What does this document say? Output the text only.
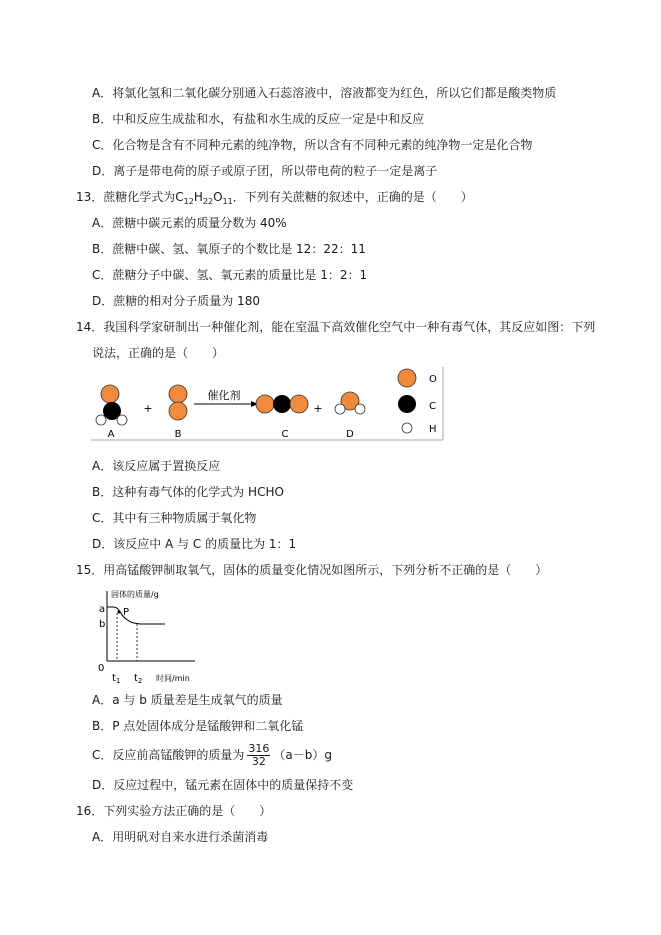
A．将氯化氢和二氧化碳分别通入石蕊溶液中，溶液都变为红色，所以它们都是酸类物质
B．中和反应生成盐和水，有盐和水生成的反应一定是中和反应
C．化合物是含有不同种元素的纯净物，所以含有不同种元素的纯净物一定是化合物
D．离子是带电荷的原子或原子团，所以带电荷的粒子一定是离子
13．蔗糖化学式为$C_{12}H_{22}O_{11}$．下列有关蔗糖的叙述中，正确的是（　　）
A．蔗糖中碳元素的质量分数为 40%
B．蔗糖中碳、氢、氧原子的个数比是 12：22：11
C．蔗糖分子中碳、氢、氧元素的质量比是 1：2：1
D．蔗糖的相对分子质量为 180
14．我国科学家研制出一种催化剂，能在室温下高效催化空气中一种有毒气体，其反应如图：下列
说法，正确的是（　　）
A
+
B
催化剂
C
+
D
O
C
H
A．该反应属于置换反应
B．这种有毒气体的化学式为 HCHO
C．其中有三种物质属于氧化物
D．该反应中 A 与 C 的质量比为 1：1
15．用高锰酸钾制取氧气，固体的质量变化情况如图所示，下列分析不正确的是（　　）
固体的质量/g
a
b
P
0
$t_1$ $t_2$ 时间/min
A．a 与 b 质量差是生成氧气的质量
B．P 点处固体成分是锰酸钾和二氧化锰
C．反应前高锰酸钾的质量为 $\frac{316}{32} (a-b)g$
D．反应过程中，锰元素在固体中的质量保持不变
16．下列实验方法正确的是（　　）
A．用明矾对自来水进行杀菌消毒
